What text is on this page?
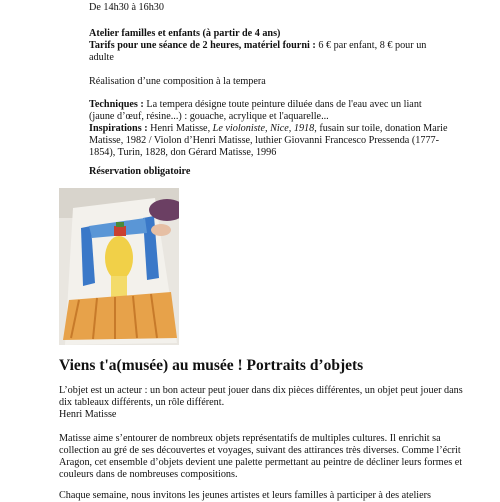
De 14h30 à 16h30
Atelier familles et enfants (à partir de 4 ans)
Tarifs pour une séance de 2 heures, matériel fourni : 6 € par enfant, 8 € pour un adulte
Réalisation d’une composition à la tempera
Techniques : La tempera désigne toute peinture diluée dans de l'eau avec un liant (jaune d’œuf, résine...) : gouache, acrylique et l'aquarelle...
Inspirations : Henri Matisse, Le violoniste, Nice, 1918, fusain sur toile, donation Marie Matisse, 1982 / Violon d’Henri Matisse, luthier Giovanni Francesco Pressenda (1777-1854), Turin, 1828, don Gérard Matisse, 1996
Réservation obligatoire
Viens t'a(musée) au musée ! Portraits d’objets
L’objet est un acteur : un bon acteur peut jouer dans dix pièces différentes, un objet peut jouer dans dix tableaux différents, un rôle différent.
Henri Matisse
Matisse aime s’entourer de nombreux objets représentatifs de multiples cultures. Il enrichit sa collection au gré de ses découvertes et voyages, suivant des attirances très diverses. Comme l’écrit Aragon, cet ensemble d’objets devient une palette permettant au peintre de décliner leurs formes et couleurs dans de nombreuses compositions.
Chaque semaine, nous invitons les jeunes artistes et leurs familles à participer à des ateliers
